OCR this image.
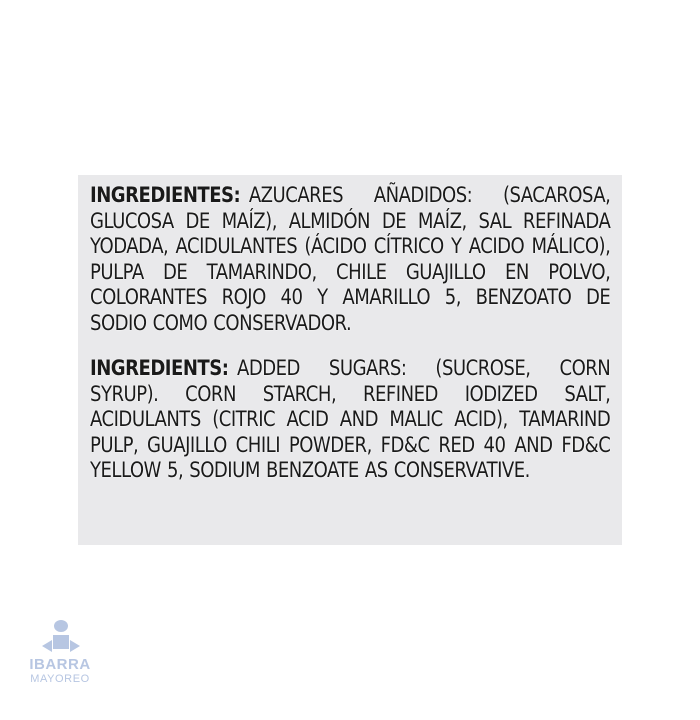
INGREDIENTES: AZUCARES AÑADIDOS: (SACAROSA, GLUCOSA DE MAÍZ), ALMIDÓN DE MAÍZ, SAL REFINADA YODADA, ACIDULANTES (ÁCIDO CÍTRICO Y ACIDO MÁLICO), PULPA DE TAMARINDO, CHILE GUAJILLO EN POLVO, COLORANTES ROJO 40 Y AMARILLO 5, BENZOATO DE SODIO COMO CONSERVADOR.
INGREDIENTS: ADDED SUGARS: (SUCROSE, CORN SYRUP). CORN STARCH, REFINED IODIZED SALT, ACIDULANTS (CITRIC ACID AND MALIC ACID), TAMARIND PULP, GUAJILLO CHILI POWDER, FD&C RED 40 AND FD&C YELLOW 5, SODIUM BENZOATE AS CONSERVATIVE.
IBARRA
MAYOREO
